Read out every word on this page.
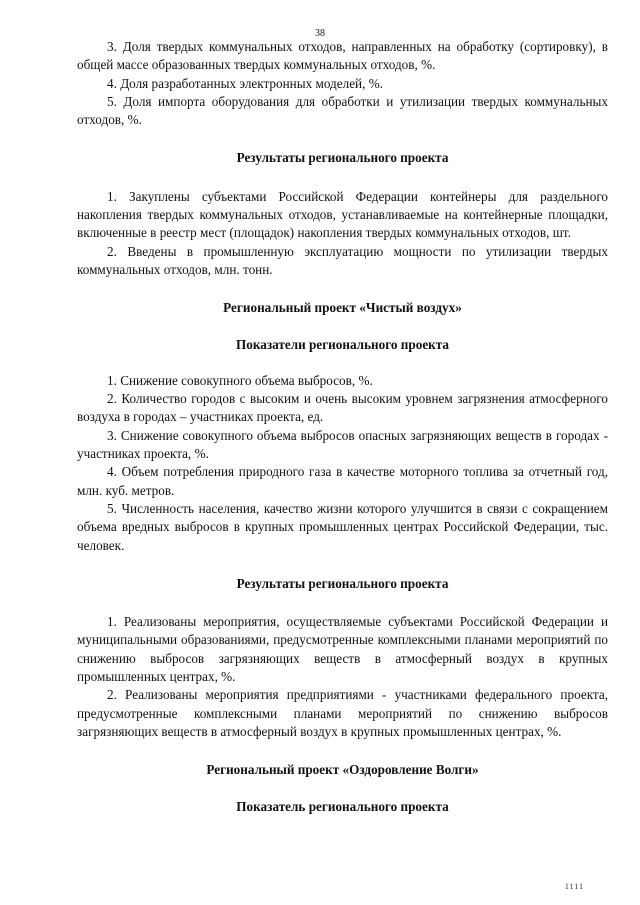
38

3. Доля твердых коммунальных отходов, направленных на обработку (сортировку), в общей массе образованных твердых коммунальных отходов, %.

4. Доля разработанных электронных моделей, %.

5. Доля импорта оборудования для обработки и утилизации твердых коммунальных отходов, %.

Результаты регионального проекта

1. Закуплены субъектами Российской Федерации контейнеры для раздельного накопления твердых коммунальных отходов, устанавливаемые на контейнерные площадки, включенные в реестр мест (площадок) накопления твердых коммунальных отходов, шт.

2. Введены в промышленную эксплуатацию мощности по утилизации твердых коммунальных отходов, млн. тонн.

Региональный проект «Чистый воздух»

Показатели регионального проекта

1. Снижение совокупного объема выбросов, %.

2. Количество городов с высоким и очень высоким уровнем загрязнения атмосферного воздуха в городах – участниках проекта, ед.

3. Снижение совокупного объема выбросов опасных загрязняющих веществ в городах - участниках проекта, %.

4. Объем потребления природного газа в качестве моторного топлива за отчетный год, млн. куб. метров.

5. Численность населения, качество жизни которого улучшится в связи с сокращением объема вредных выбросов в крупных промышленных центрах Российской Федерации, тыс. человек.

Результаты регионального проекта

1. Реализованы мероприятия, осуществляемые субъектами Российской Федерации и муниципальными образованиями, предусмотренные комплексными планами мероприятий по снижению выбросов загрязняющих веществ в атмосферный воздух в крупных промышленных центрах, %.

2. Реализованы мероприятия предприятиями - участниками федерального проекта, предусмотренные комплексными планами мероприятий по снижению выбросов загрязняющих веществ в атмосферный воздух в крупных промышленных центрах, %.

Региональный проект «Оздоровление Волги»

Показатель регионального проекта

1111
